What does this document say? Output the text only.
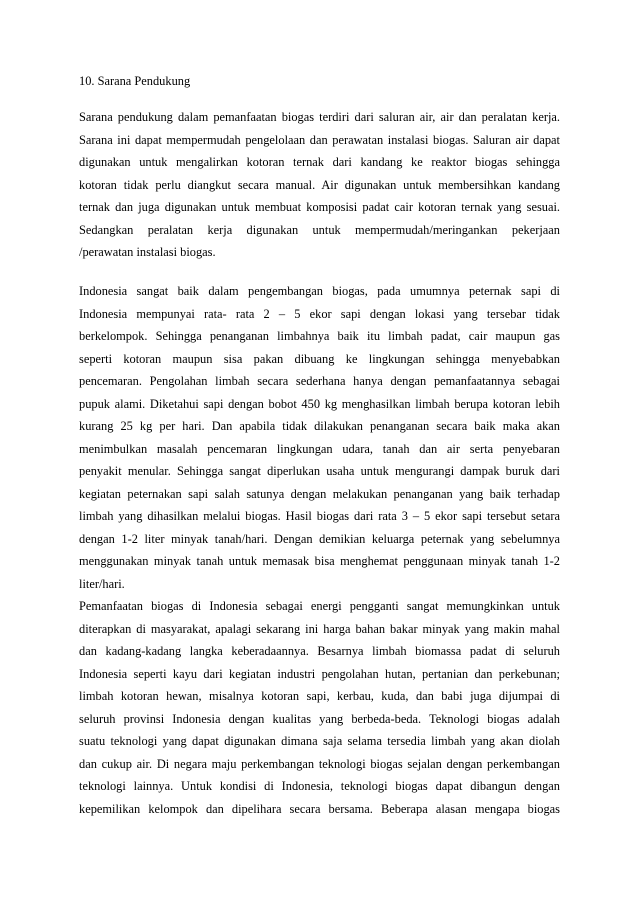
10. Sarana Pendukung

Sarana pendukung dalam pemanfaatan biogas terdiri dari saluran air, air dan peralatan kerja.
Sarana ini dapat mempermudah pengelolaan dan perawatan instalasi biogas. Saluran air dapat
digunakan untuk mengalirkan kotoran ternak dari kandang ke reaktor biogas sehingga
kotoran tidak perlu diangkut secara manual. Air digunakan untuk membersihkan kandang
ternak dan juga digunakan untuk membuat komposisi padat cair kotoran ternak yang sesuai.
Sedangkan peralatan kerja digunakan untuk mempermudah/meringankan pekerjaan
/perawatan instalasi biogas.

Indonesia sangat baik dalam pengembangan biogas, pada umumnya peternak sapi di
Indonesia mempunyai rata- rata 2 – 5 ekor sapi dengan lokasi yang tersebar tidak
berkelompok. Sehingga penanganan limbahnya baik itu limbah padat, cair maupun gas
seperti kotoran maupun sisa pakan dibuang ke lingkungan sehingga menyebabkan
pencemaran. Pengolahan limbah secara sederhana hanya dengan pemanfaatannya sebagai
pupuk alami. Diketahui sapi dengan bobot 450 kg menghasilkan limbah berupa kotoran lebih
kurang 25 kg per hari. Dan apabila tidak dilakukan penanganan secara baik maka akan
menimbulkan masalah pencemaran lingkungan udara, tanah dan air serta penyebaran
penyakit menular. Sehingga sangat diperlukan usaha untuk mengurangi dampak buruk dari
kegiatan peternakan sapi salah satunya dengan melakukan penanganan yang baik terhadap
limbah yang dihasilkan melalui biogas. Hasil biogas dari rata 3 – 5 ekor sapi tersebut setara
dengan 1-2 liter minyak tanah/hari. Dengan demikian keluarga peternak yang sebelumnya
menggunakan minyak tanah untuk memasak bisa menghemat penggunaan minyak tanah 1-2
liter/hari.

Pemanfaatan biogas di Indonesia sebagai energi pengganti sangat memungkinkan untuk
diterapkan di masyarakat, apalagi sekarang ini harga bahan bakar minyak yang makin mahal
dan kadang-kadang langka keberadaannya. Besarnya limbah biomassa padat di seluruh
Indonesia seperti kayu dari kegiatan industri pengolahan hutan, pertanian dan perkebunan;
limbah kotoran hewan, misalnya kotoran sapi, kerbau, kuda, dan babi juga dijumpai di
seluruh provinsi Indonesia dengan kualitas yang berbeda-beda. Teknologi biogas adalah
suatu teknologi yang dapat digunakan dimana saja selama tersedia limbah yang akan diolah
dan cukup air. Di negara maju perkembangan teknologi biogas sejalan dengan perkembangan
teknologi lainnya. Untuk kondisi di Indonesia, teknologi biogas dapat dibangun dengan
kepemilikan kelompok dan dipelihara secara bersama. Beberapa alasan mengapa biogas
